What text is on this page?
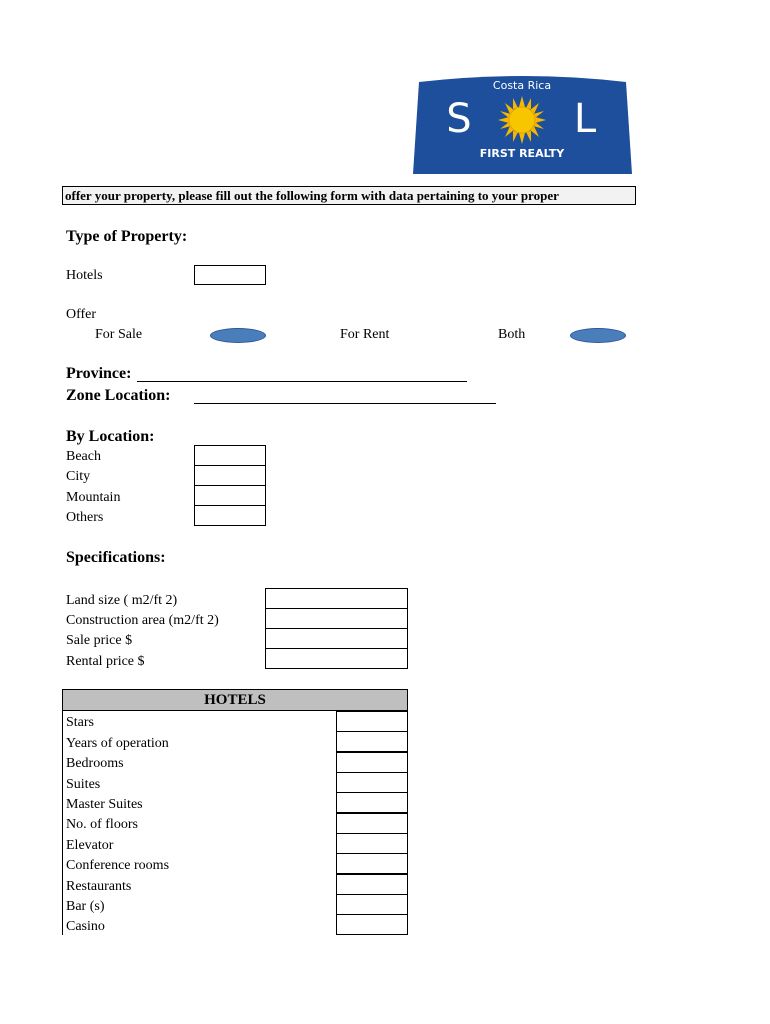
Costa Rica
S	L
FIRST REALTY
offer your property, please fill out the following form with data pertaining to your proper
Type of Property:
Hotels
Offer
For Sale	For Rent	Both
Province:
Zone Location:
By Location:
Beach
City
Mountain
Others
Specifications:
Land size ( m2/ft 2)
Construction area (m2/ft 2)
Sale price $
Rental price $
HOTELS
Stars
Years of operation
Bedrooms
Suites
Master Suites
No. of floors
Elevator
Conference rooms
Restaurants
Bar (s)
Casino
